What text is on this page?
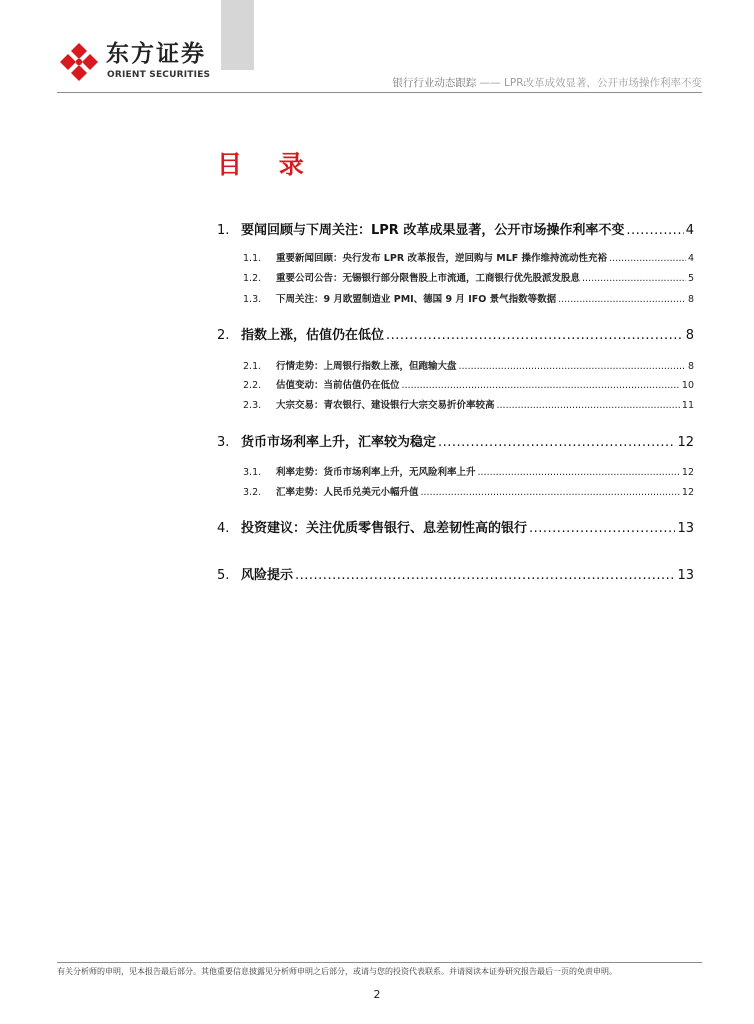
东方证券
ORIENT SECURITIES
银行行业动态跟踪 —— LPR改革成效显著，公开市场操作利率不变
目 录
1. 要闻回顾与下周关注：LPR 改革成果显著，公开市场操作利率不变 .....	4
1.1.	重要新闻回顾：央行发布 LPR 改革报告，逆回购与 MLF 操作维持流动性充裕 .....	4
1.2.	重要公司公告：无锡银行部分限售股上市流通，工商银行优先股派发股息 .....	5
1.3.	下周关注：9 月欧盟制造业 PMI、德国 9 月 IFO 景气指数等数据 .....	8
2. 指数上涨，估值仍在低位 .....	8
2.1.	行情走势：上周银行指数上涨，但跑输大盘 .....	8
2.2.	估值变动：当前估值仍在低位 .....	10
2.3.	大宗交易：青农银行、建设银行大宗交易折价率较高 .....	11
3. 货币市场利率上升，汇率较为稳定 .....	12
3.1.	利率走势：货币市场利率上升，无风险利率上升 .....	12
3.2.	汇率走势：人民币兑美元小幅升值 .....	12
4. 投资建议：关注优质零售银行、息差韧性高的银行 .....	13
5. 风险提示 .....	13
有关分析师的申明，见本报告最后部分。其他重要信息披露见分析师申明之后部分，或请与您的投资代表联系。并请阅读本证券研究报告最后一页的免责申明。
2
